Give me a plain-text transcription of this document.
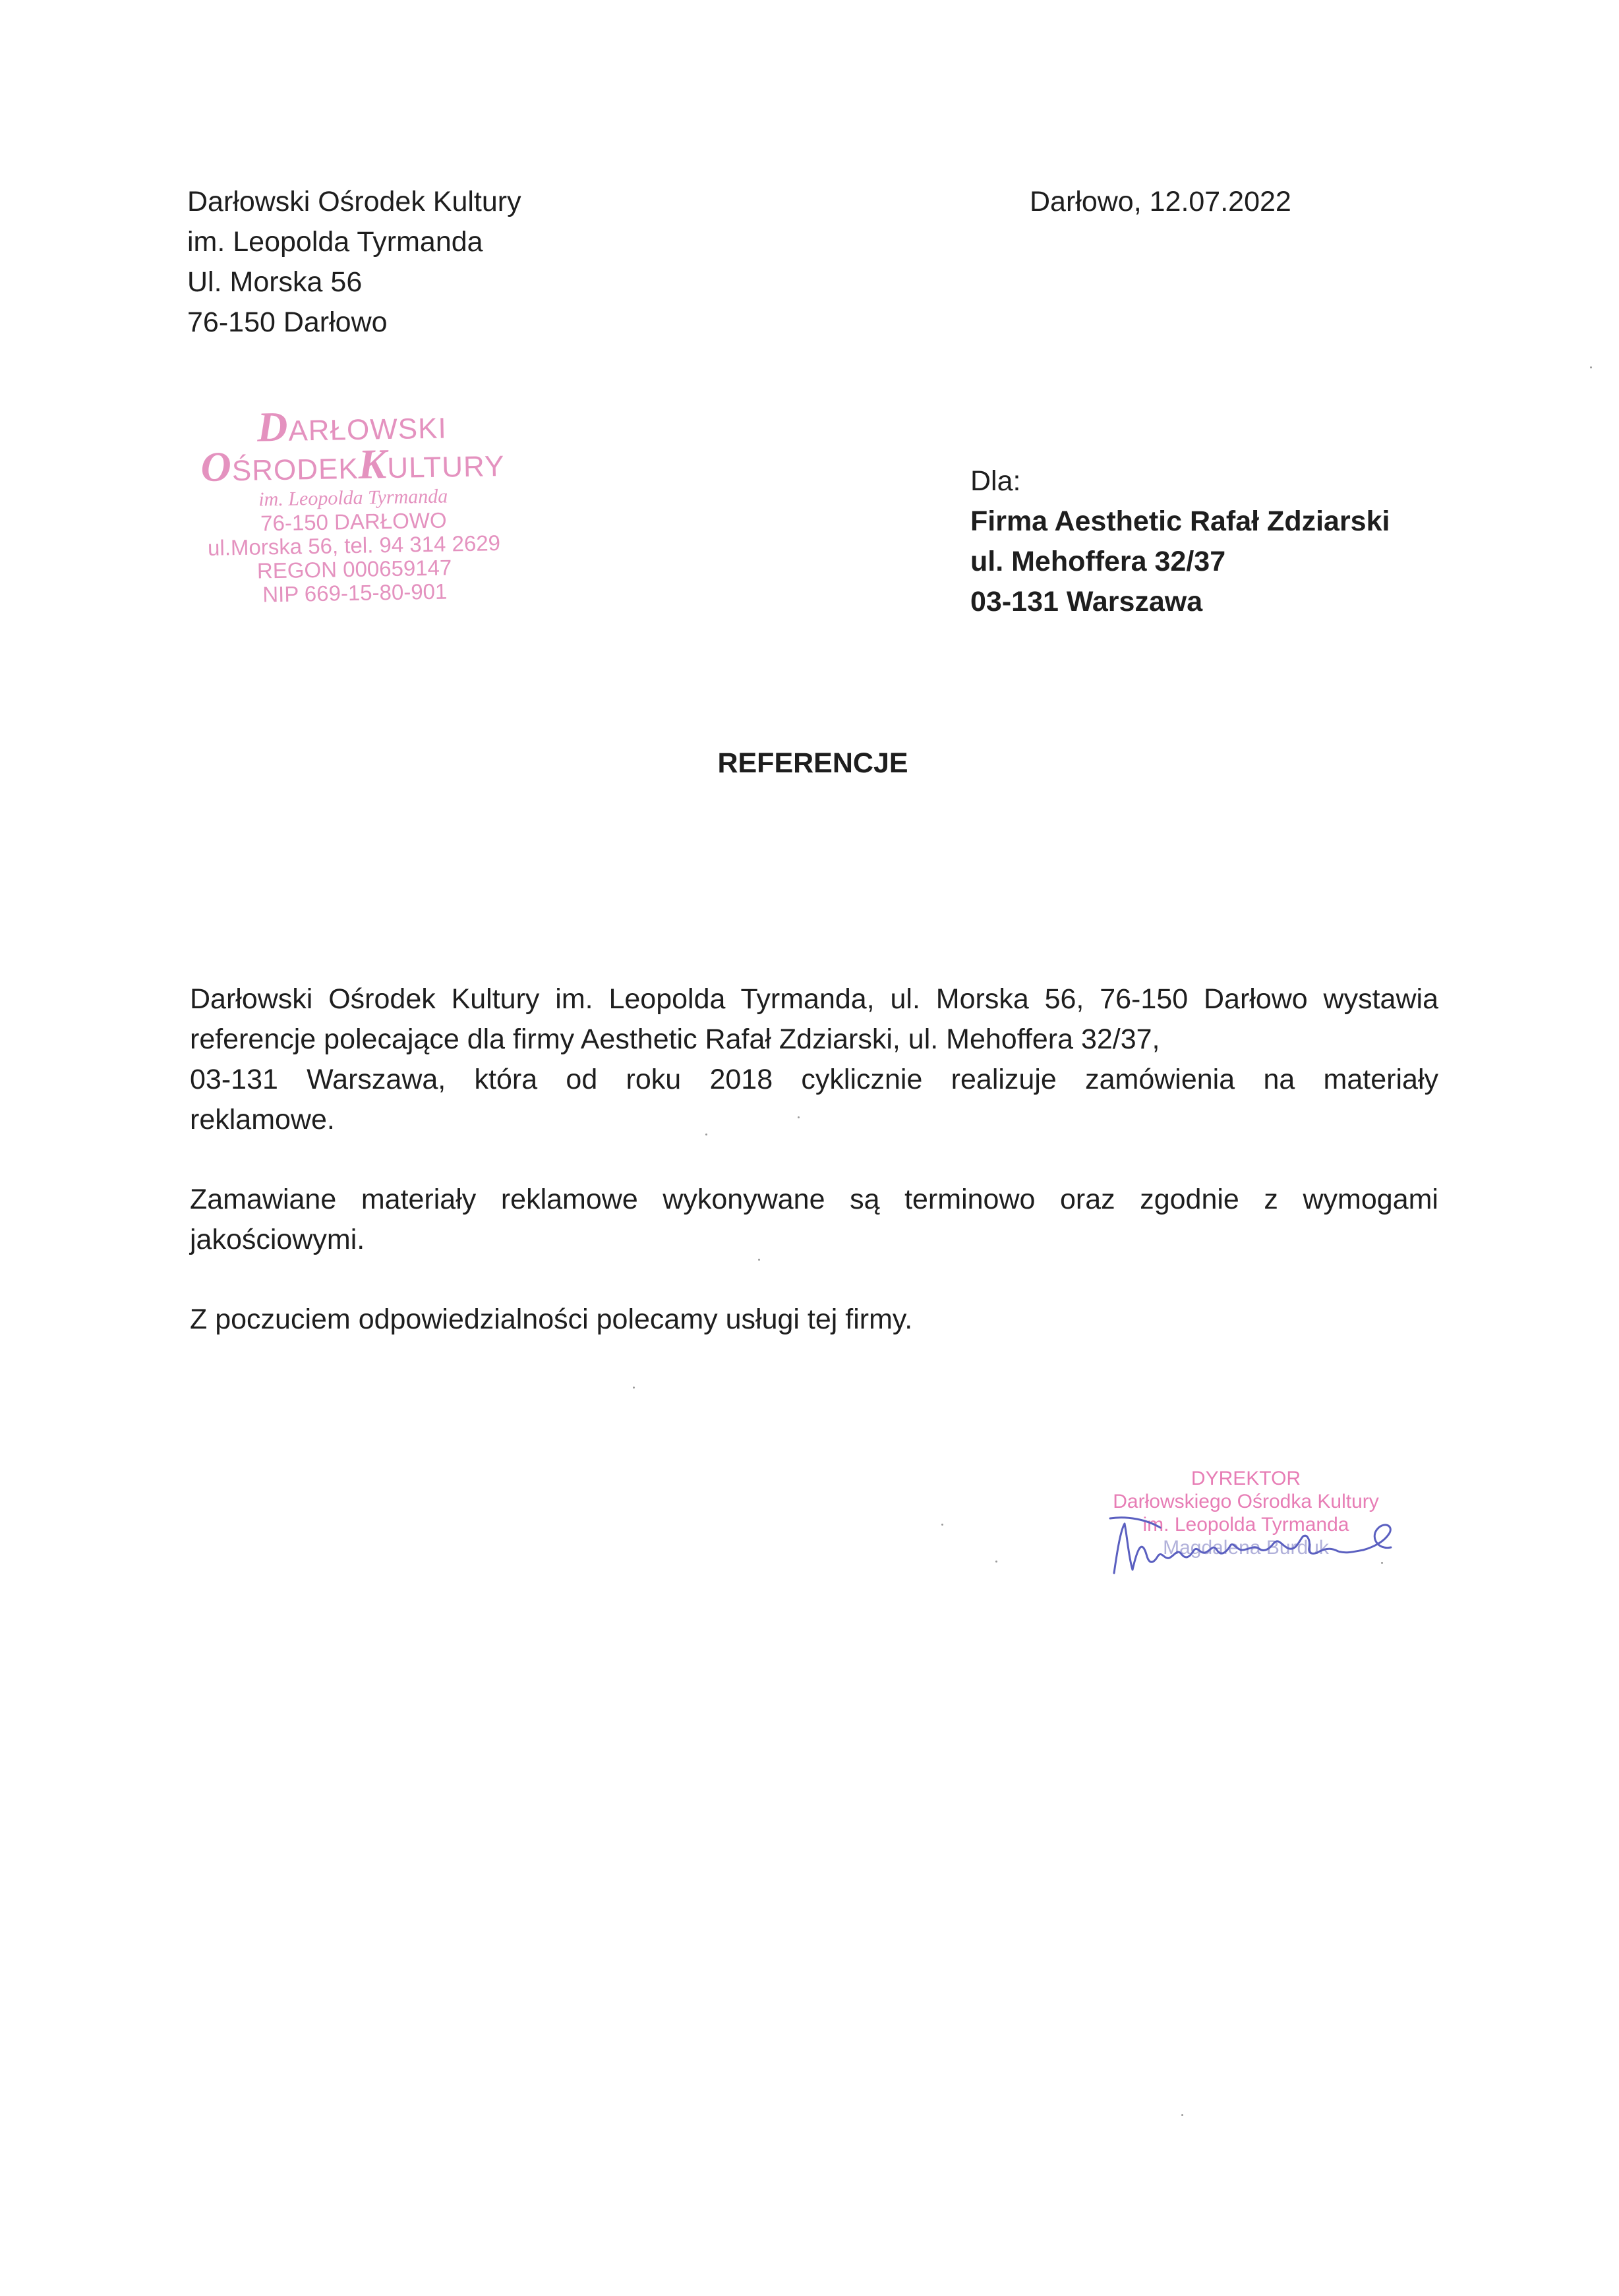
Darłowski Ośrodek Kultury
im. Leopolda Tyrmanda
Ul. Morska 56
76-150 Darłowo
Darłowo, 12.07.2022
DARŁOWSKI OŚRODEKKULTURY
im. Leopolda Tyrmanda
76-150 DARŁOWO
ul.Morska 56, tel. 94 314 2629
REGON 000659147
NIP 669-15-80-901
Dla:
Firma Aesthetic Rafał Zdziarski
ul. Mehoffera 32/37
03-131 Warszawa
REFERENCJE

Darłowski Ośrodek Kultury im. Leopolda Tyrmanda, ul. Morska 56, 76-150 Darłowo wystawia

referencje polecające dla firmy Aesthetic Rafał Zdziarski, ul. Mehoffera 32/37,

03-131 Warszawa, która od roku 2018 cyklicznie realizuje zamówienia na materiały

reklamowe.

Zamawiane materiały reklamowe wykonywane są terminowo oraz zgodnie z wymogami

jakościowymi.

Z poczuciem odpowiedzialności polecamy usługi tej firmy.

DYREKTOR
Darłowskiego Ośrodka Kultury
im. Leopolda Tyrmanda
Magdalena Burduk
